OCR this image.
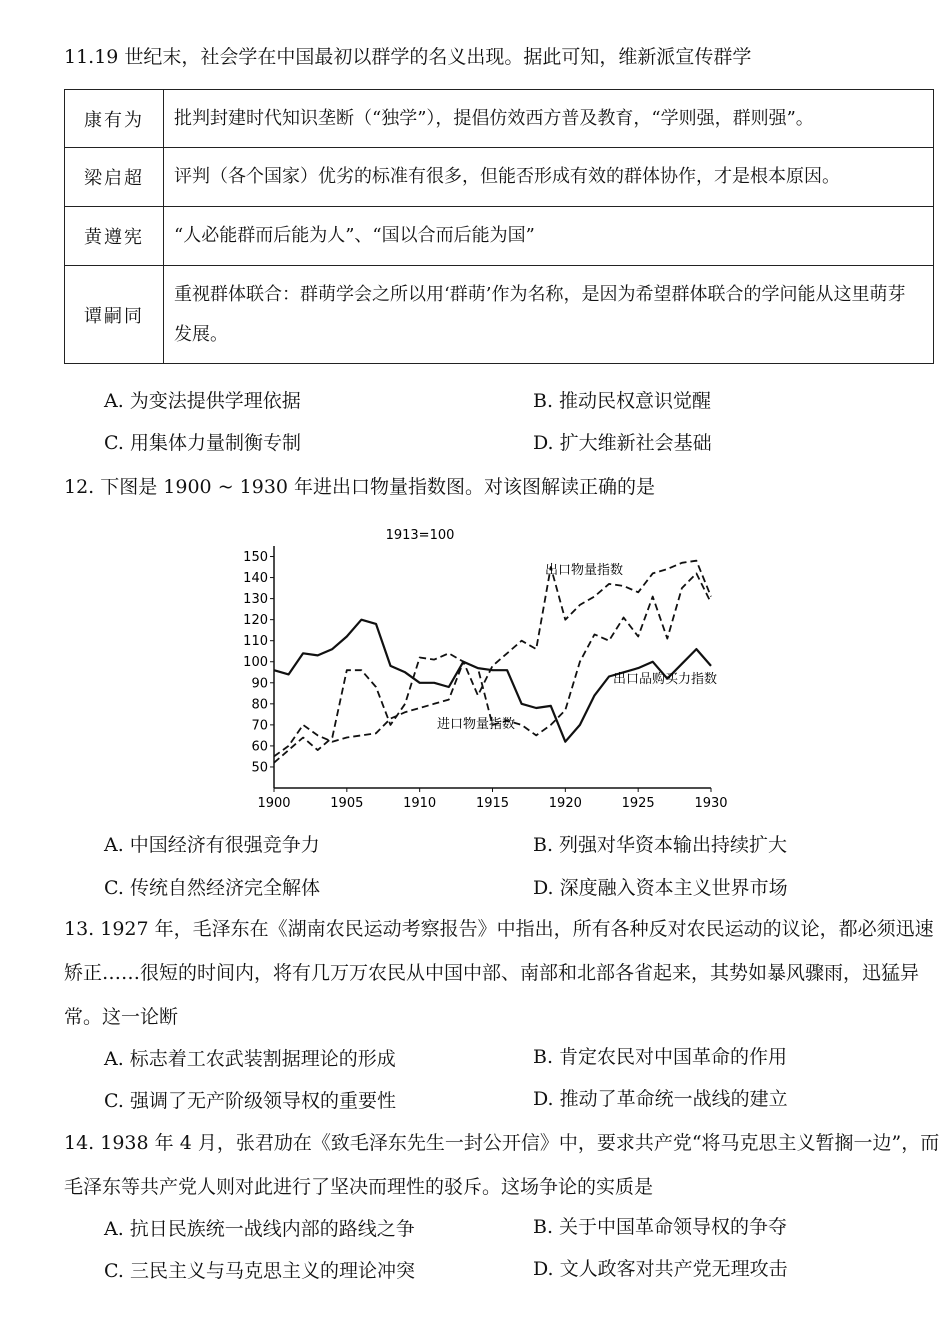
11.19 世纪末，社会学在中国最初以群学的名义出现。据此可知，维新派宣传群学
康有为	批判封建时代知识垄断（“独学”），提倡仿效西方普及教育，“学则强，群则强”。
梁启超	评判（各个国家）优劣的标准有很多，但能否形成有效的群体协作，才是根本原因。
黄遵宪	“人必能群而后能为人”、“国以合而后能为国”
谭嗣同	重视群体联合：群萌学会之所以用‘群萌’作为名称，是因为希望群体联合的学问能从这里萌芽发展。
A. 为变法提供学理依据	B. 推动民权意识觉醒
C. 用集体力量制衡专制	D. 扩大维新社会基础
12. 下图是 1900 ~ 1930 年进出口物量指数图。对该图解读正确的是
1913=100
50
60
70
80
90
100
110
120
130
140
150
1900	1905	1910	1915	1920	1925	1930
出口物量指数
出口品购买力指数
进口物量指数
A. 中国经济有很强竞争力	B. 列强对华资本输出持续扩大
C. 传统自然经济完全解体	D. 深度融入资本主义世界市场
13. 1927 年，毛泽东在《湖南农民运动考察报告》中指出，所有各种反对农民运动的议论，都必须迅速
矫正……很短的时间内，将有几万万农民从中国中部、南部和北部各省起来，其势如暴风骤雨，迅猛异
常。这一论断
A. 标志着工农武装割据理论的形成	B. 肯定农民对中国革命的作用
C. 强调了无产阶级领导权的重要性	D. 推动了革命统一战线的建立
14. 1938 年 4 月，张君劢在《致毛泽东先生一封公开信》中，要求共产党“将马克思主义暂搁一边”，而
毛泽东等共产党人则对此进行了坚决而理性的驳斥。这场争论的实质是
A. 抗日民族统一战线内部的路线之争	B. 关于中国革命领导权的争夺
C. 三民主义与马克思主义的理论冲突	D. 文人政客对共产党无理攻击
